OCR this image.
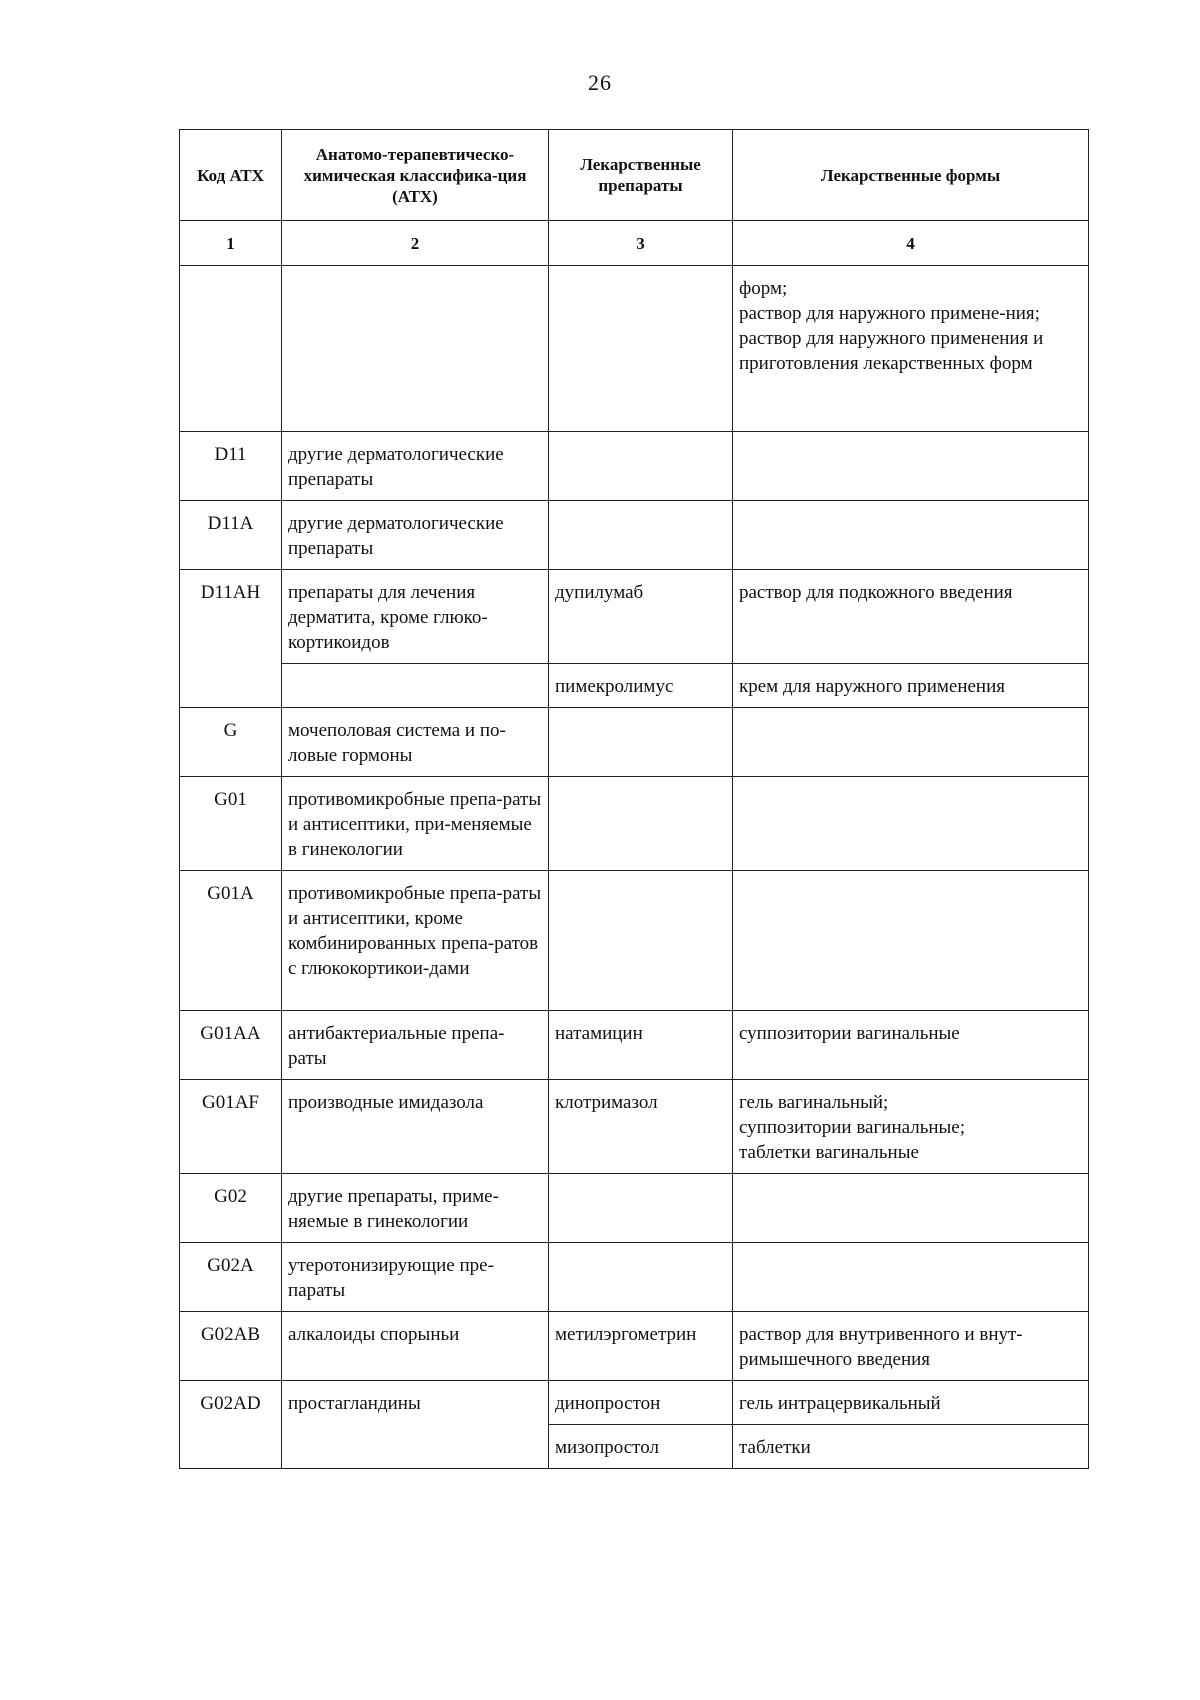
26
Код АТХ	Анатомо-терапевтическо-химическая классифика-ция (АТХ)	Лекарственные препараты	Лекарственные формы
1	2	3	4

			форм;
раствор для наружного примене-ния;
раствор для наружного применения и приготовления лекарственных форм

D11	другие дерматологические препараты		
D11A	другие дерматологические препараты		
D11AH	препараты для лечения дерматита, кроме глюко-кортикоидов	дупилумаб	раствор для подкожного введения
		пимекролимус	крем для наружного применения
G	мочеполовая система и по-ловые гормоны		
G01	противомикробные препа-раты и антисептики, при-меняемые в гинекологии		
G01A	противомикробные препа-раты и антисептики, кроме комбинированных препа-ратов с глюкокортикои-дами		
G01AA	антибактериальные препа-раты	натамицин	суппозитории вагинальные
G01AF	производные имидазола	клотримазол	гель вагинальный;
суппозитории вагинальные;
таблетки вагинальные

G02	другие препараты, приме-няемые в гинекологии		
G02A	утеротонизирующие пре-параты		
G02AB	алкалоиды спорыньи	метилэргометрин	раствор для внутривенного и внут-римышечного введения
G02AD	простагландины	динопростон	гель интрацервикальный
		мизопростол	таблетки
